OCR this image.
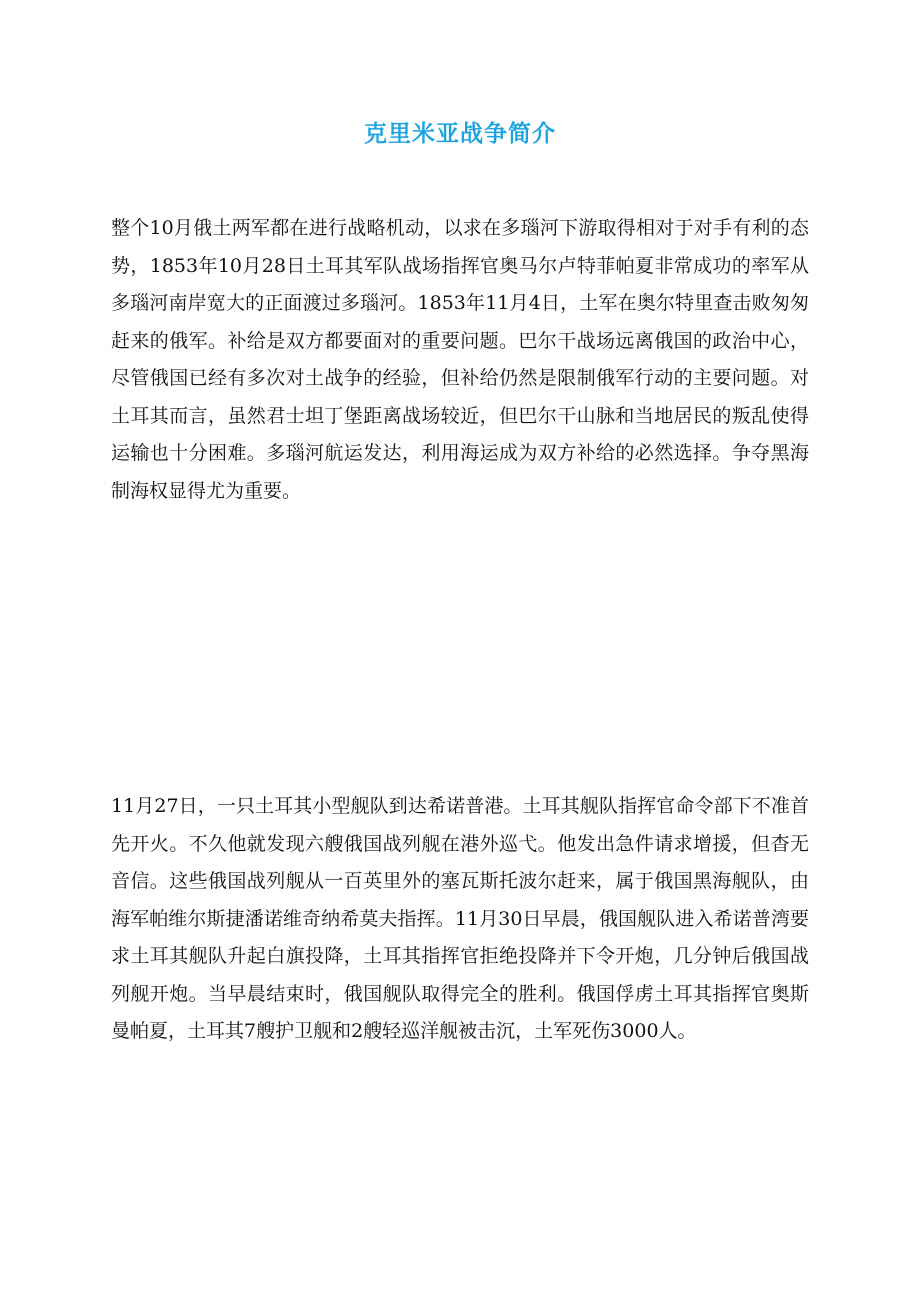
克里米亚战争简介

整个10月俄土两军都在进行战略机动，以求在多瑙河下游取得相对于对手有利的态势，1853年10月28日土耳其军队战场指挥官奥马尔卢特菲帕夏非常成功的率军从多瑙河南岸宽大的正面渡过多瑙河。1853年11月4日，土军在奥尔特里查击败匆匆赶来的俄军。补给是双方都要面对的重要问题。巴尔干战场远离俄国的政治中心，尽管俄国已经有多次对土战争的经验，但补给仍然是限制俄军行动的主要问题。对土耳其而言，虽然君士坦丁堡距离战场较近，但巴尔干山脉和当地居民的叛乱使得运输也十分困难。多瑙河航运发达，利用海运成为双方补给的必然选择。争夺黑海制海权显得尤为重要。

11月27日，一只土耳其小型舰队到达希诺普港。土耳其舰队指挥官命令部下不准首先开火。不久他就发现六艘俄国战列舰在港外巡弋。他发出急件请求增援，但杳无音信。这些俄国战列舰从一百英里外的塞瓦斯托波尔赶来，属于俄国黑海舰队，由海军帕维尔斯捷潘诺维奇纳希莫夫指挥。11月30日早晨，俄国舰队进入希诺普湾要求土耳其舰队升起白旗投降，土耳其指挥官拒绝投降并下令开炮，几分钟后俄国战列舰开炮。当早晨结束时，俄国舰队取得完全的胜利。俄国俘虏土耳其指挥官奥斯曼帕夏，土耳其7艘护卫舰和2艘轻巡洋舰被击沉，土军死伤3000人。
